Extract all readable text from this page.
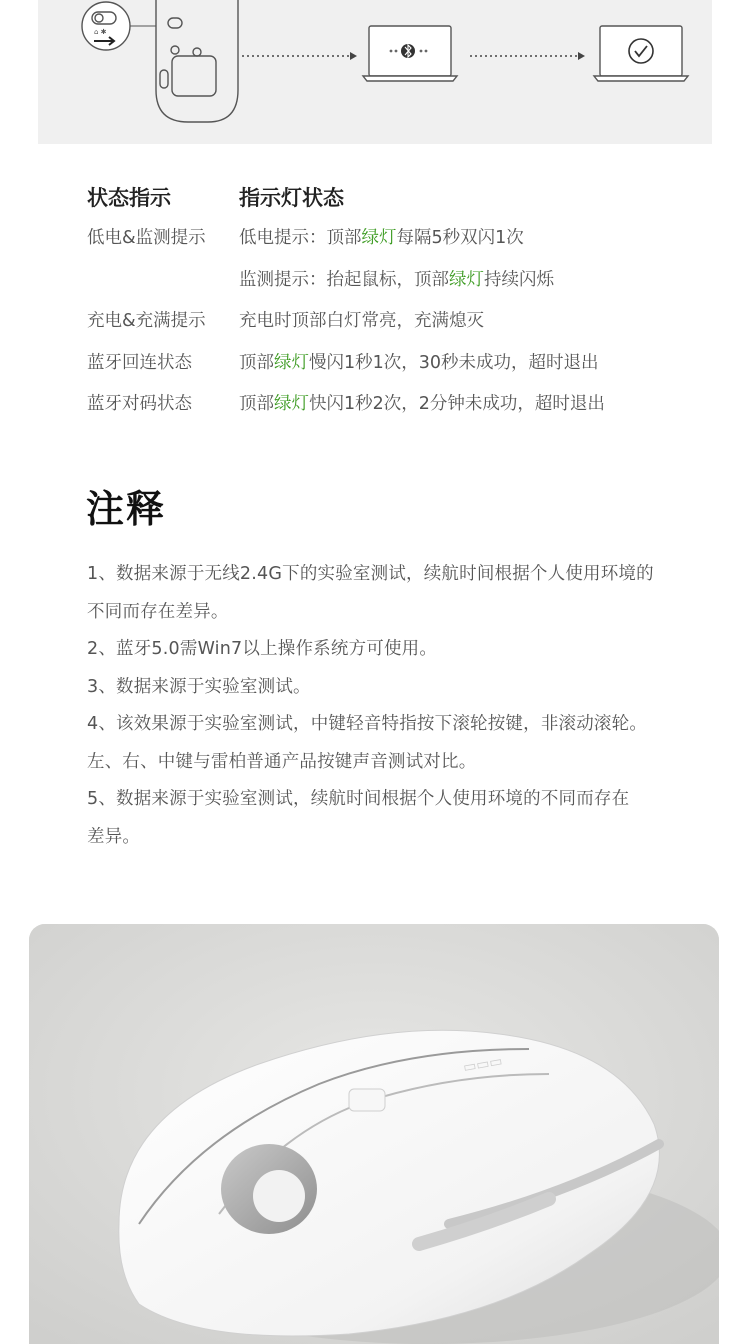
⌂ ✱
状态指示	指示灯状态
低电&监测提示 低电提示：顶部绿灯每隔5秒双闪1次
监测提示：抬起鼠标，顶部绿灯持续闪烁
充电&充满提示 充电时顶部白灯常亮，充满熄灭
蓝牙回连状态	顶部绿灯慢闪1秒1次，30秒未成功，超时退出
蓝牙对码状态	顶部绿灯快闪1秒2次，2分钟未成功，超时退出
注释

1、数据来源于无线2.4G下的实验室测试，续航时间根据个人使用环境的

不同而存在差异。

2、蓝牙5.0需Win7以上操作系统方可使用。

3、数据来源于实验室测试。

4、该效果源于实验室测试，中键轻音特指按下滚轮按键，非滚动滚轮。

左、右、中键与雷柏普通产品按键声音测试对比。

5、数据来源于实验室测试，续航时间根据个人使用环境的不同而存在

差异。

▭▭▭
